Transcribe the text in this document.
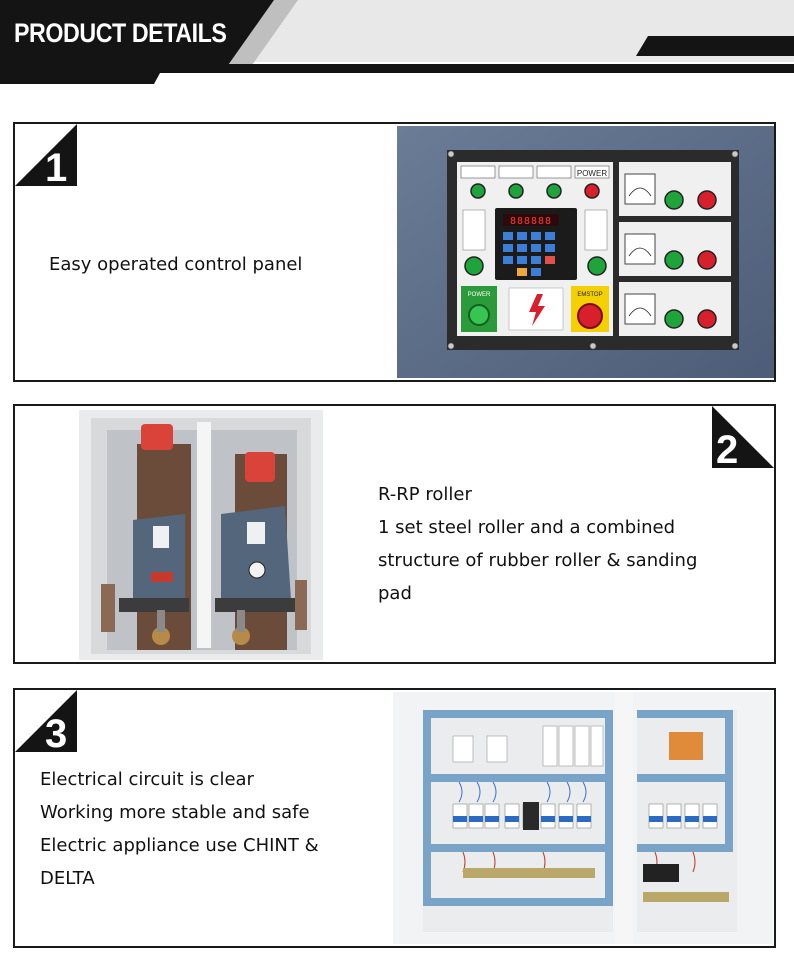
PRODUCT DETAILS
1
Easy operated control panel
POWER
888888
POWER	EMSTOP
2
R-RP roller
1 set steel roller and a combined
structure of rubber roller & sanding
pad
3
Electrical circuit is clear
Working more stable and safe
Electric appliance use CHINT &
DELTA
